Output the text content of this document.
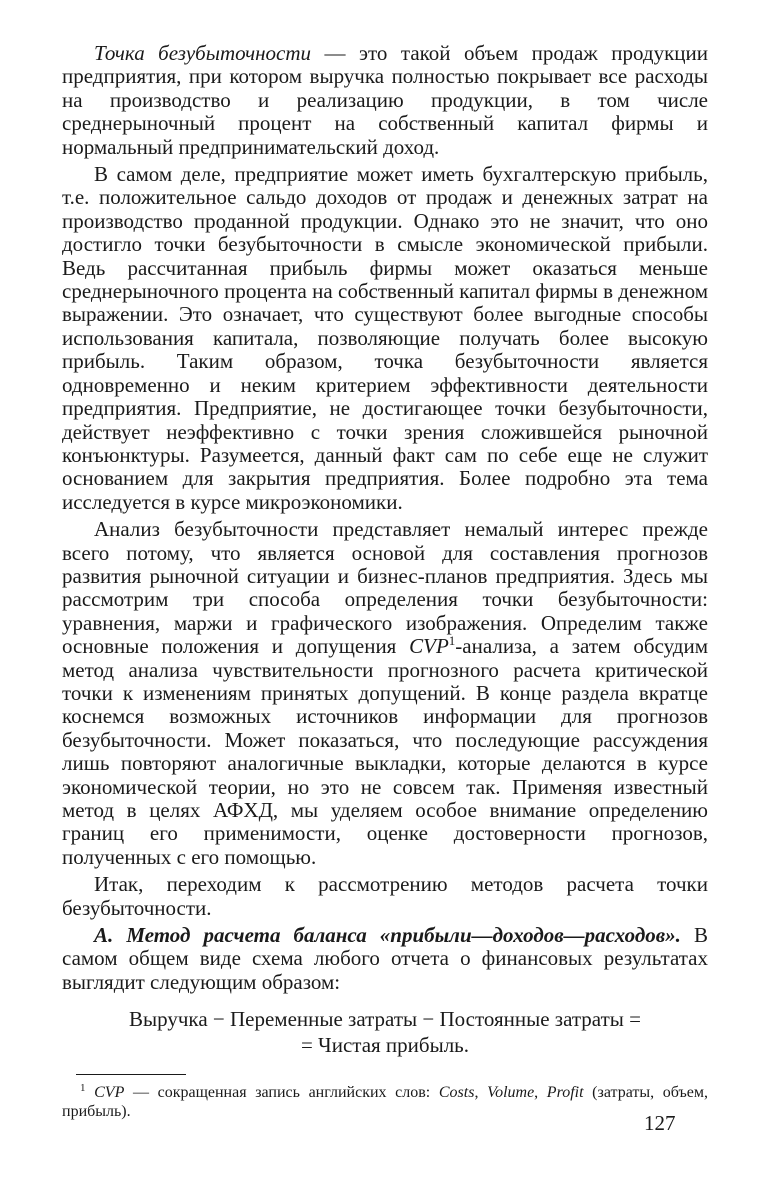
Точка безубыточности — это такой объем продаж продукции предприятия, при котором выручка полностью покрывает все расходы на производство и реализацию продукции, в том числе среднерыночный процент на собственный капитал фирмы и нормальный предпринимательский доход.

В самом деле, предприятие может иметь бухгалтерскую прибыль, т.е. положительное сальдо доходов от продаж и денежных затрат на производство проданной продукции. Однако это не значит, что оно достигло точки безубыточности в смысле экономической прибыли. Ведь рассчитанная прибыль фирмы может оказаться меньше среднерыночного процента на собственный капитал фирмы в денежном выражении. Это означает, что существуют более выгодные способы использования капитала, позволяющие получать более высокую прибыль. Таким образом, точка безубыточности является одновременно и неким критерием эффективности деятельности предприятия. Предприятие, не достигающее точки безубыточности, действует неэффективно с точки зрения сложившейся рыночной конъюнктуры. Разумеется, данный факт сам по себе еще не служит основанием для закрытия предприятия. Более подробно эта тема исследуется в курсе микроэкономики.

Анализ безубыточности представляет немалый интерес прежде всего потому, что является основой для составления прогнозов развития рыночной ситуации и бизнес-планов предприятия. Здесь мы рассмотрим три способа определения точки безубыточности: уравнения, маржи и графического изображения. Определим также основные положения и допущения CVP$^1$-анализа, а затем обсудим метод анализа чувствительности прогнозного расчета критической точки к изменениям принятых допущений. В конце раздела вкратце коснемся возможных источников информации для прогнозов безубыточности. Может показаться, что последующие рассуждения лишь повторяют аналогичные выкладки, которые делаются в курсе экономической теории, но это не совсем так. Применяя известный метод в целях АФХД, мы уделяем особое внимание определению границ его применимости, оценке достоверности прогнозов, полученных с его помощью.

Итак, переходим к рассмотрению методов расчета точки безубыточности.

А. Метод расчета баланса «прибыли—доходов—расходов». В самом общем виде схема любого отчета о финансовых результатах выглядит следующим образом:

Выручка − Переменные затраты − Постоянные затраты =
= Чистая прибыль.

$^1$ CVP — сокращенная запись английских слов: Costs, Volume, Profit (затраты, объем, прибыль).	127
